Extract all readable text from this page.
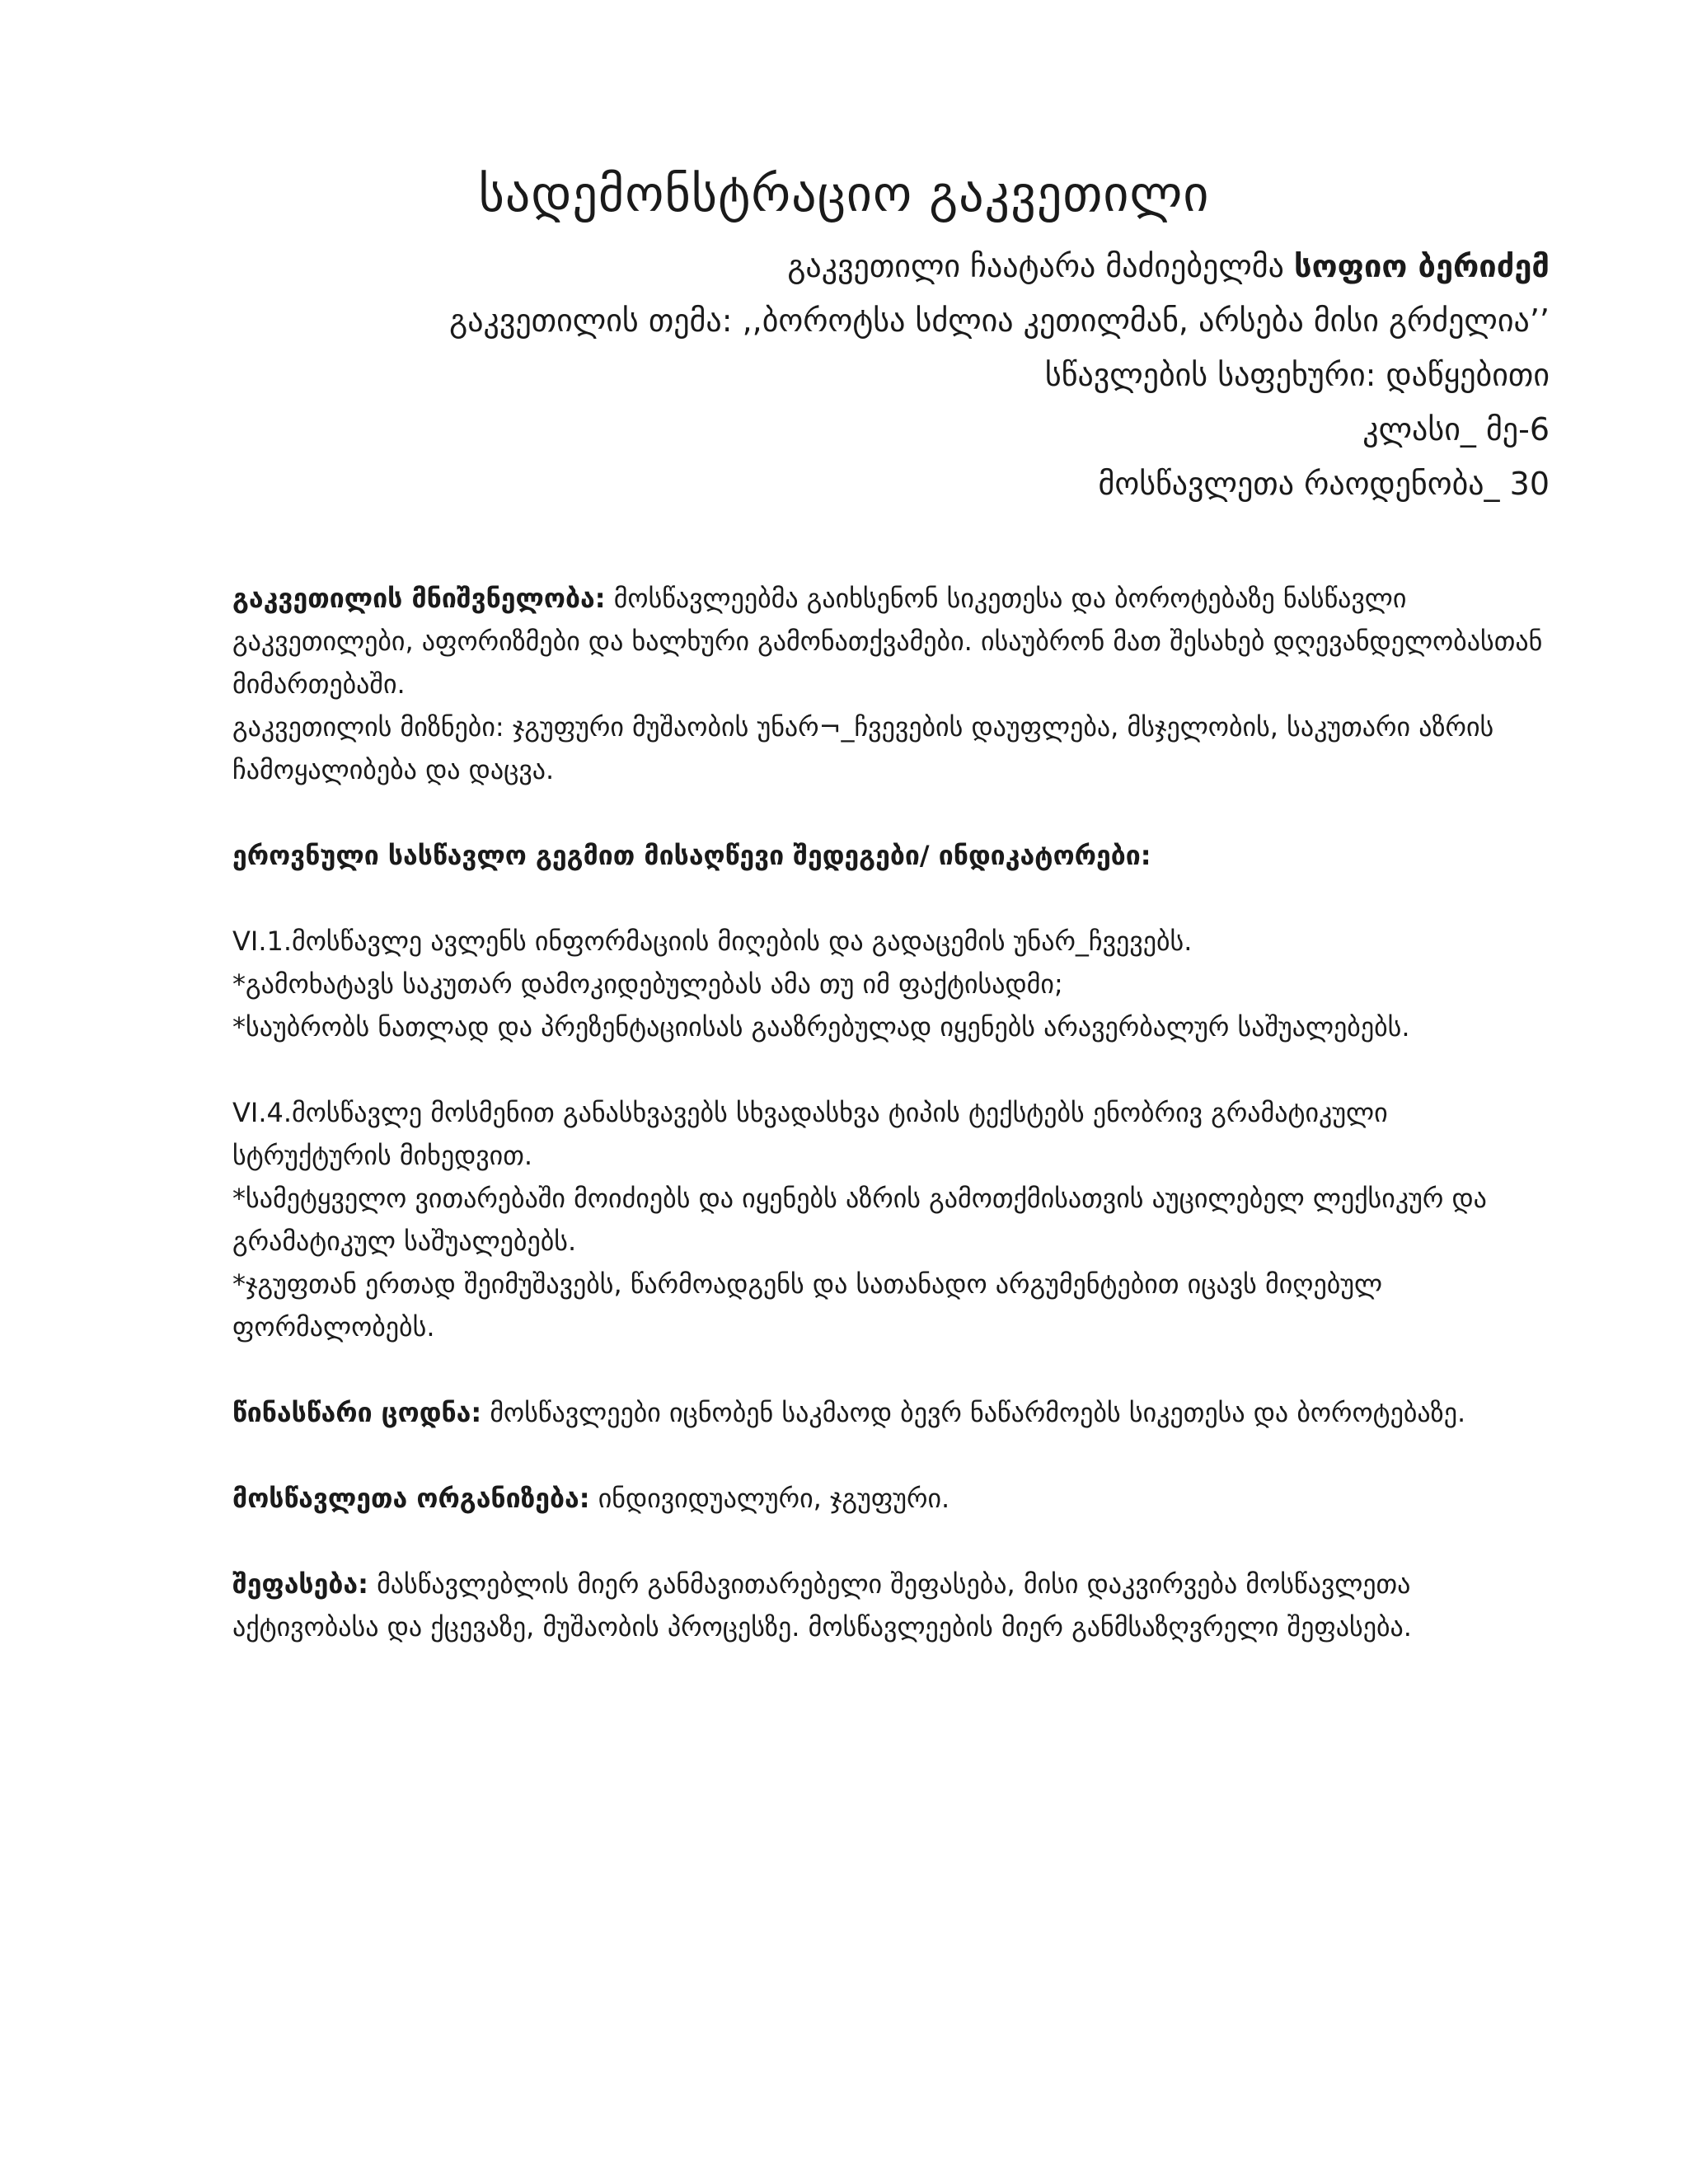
სადემონსტრაციო გაკვეთილი
გაკვეთილი ჩაატარა მაძიებელმა სოფიო ბერიძემ
გაკვეთილის თემა: ,,ბოროტსა სძლია კეთილმან, არსება მისი გრძელია’’
სწავლების საფეხური: დაწყებითი
კლასი_ მე-6
მოსწავლეთა რაოდენობა_ 30

გაკვეთილის მნიშვნელობა: მოსწავლეებმა გაიხსენონ სიკეთესა და ბოროტებაზე ნასწავლი გაკვეთილები, აფორიზმები და ხალხური გამონათქვამები. ისაუბრონ მათ შესახებ დღევანდელობასთან მიმართებაში.

გაკვეთილის მიზნები: ჯგუფური მუშაობის უნარ¬_ჩვევების დაუფლება, მსჯელობის, საკუთარი აზრის ჩამოყალიბება და დაცვა.

ეროვნული სასწავლო გეგმით მისაღწევი შედეგები/ ინდიკატორები:

VI.1.მოსწავლე ავლენს ინფორმაციის მიღების და გადაცემის უნარ_ჩვევებს.
*გამოხატავს საკუთარ დამოკიდებულებას ამა თუ იმ ფაქტისადმი;
*საუბრობს ნათლად და პრეზენტაციისას გააზრებულად იყენებს არავერბალურ საშუალებებს.

VI.4.მოსწავლე მოსმენით განასხვავებს სხვადასხვა ტიპის ტექსტებს ენობრივ გრამატიკული სტრუქტურის მიხედვით.
*სამეტყველო ვითარებაში მოიძიებს და იყენებს აზრის გამოთქმისათვის აუცილებელ ლექსიკურ და გრამატიკულ საშუალებებს.
*ჯგუფთან ერთად შეიმუშავებს, წარმოადგენს და სათანადო არგუმენტებით იცავს მიღებულ ფორმალობებს.

წინასწარი ცოდნა: მოსწავლეები იცნობენ საკმაოდ ბევრ ნაწარმოებს სიკეთესა და ბოროტებაზე.

მოსწავლეთა ორგანიზება: ინდივიდუალური, ჯგუფური.

შეფასება: მასწავლებლის მიერ განმავითარებელი შეფასება, მისი დაკვირვება მოსწავლეთა აქტივობასა და ქცევაზე, მუშაობის პროცესზე. მოსწავლეების მიერ განმსაზღვრელი შეფასება.
